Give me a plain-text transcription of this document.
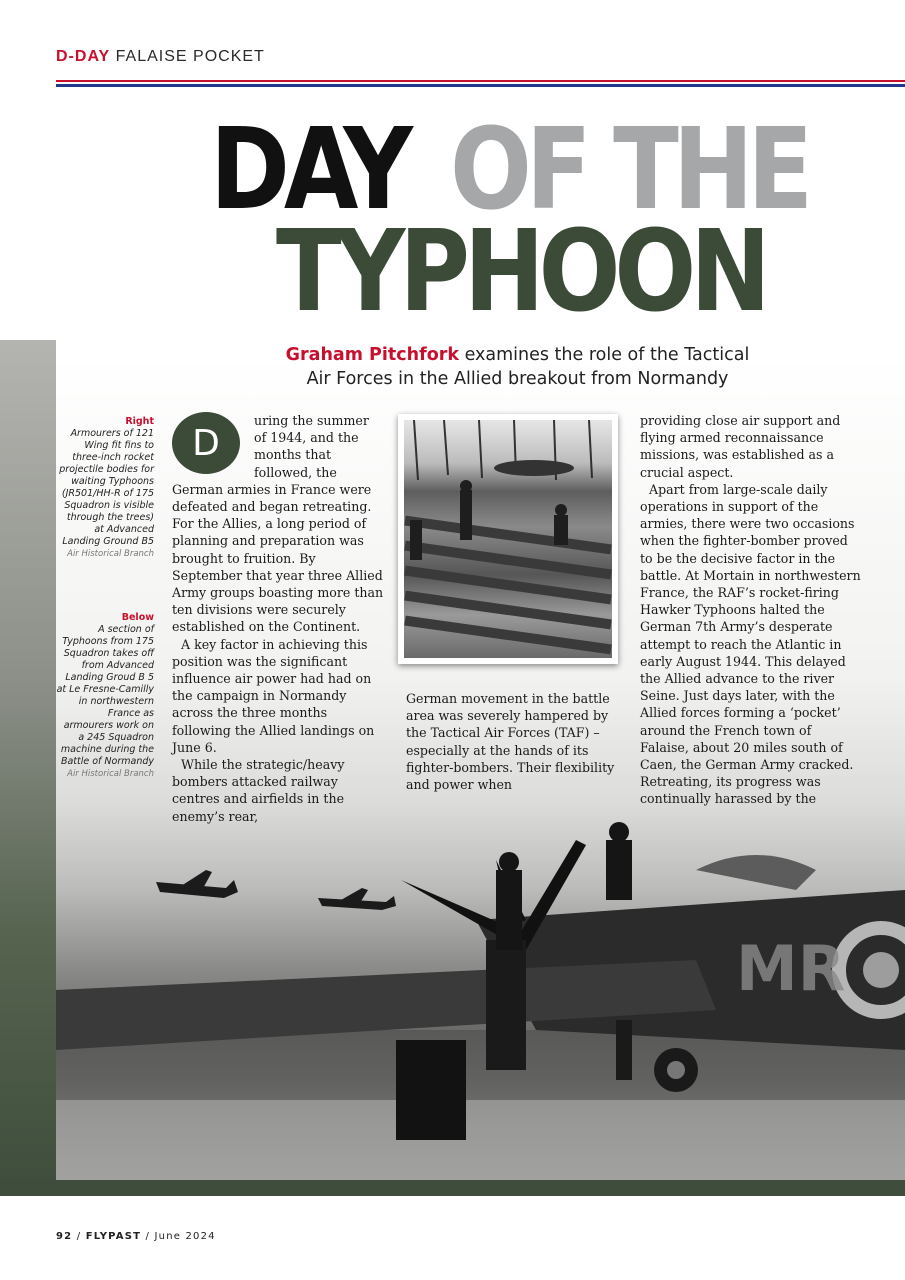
D-DAY FALAISE POCKET
DAY OF THE
TYPHOON
Graham Pitchfork examines the role of the Tactical
Air Forces in the Allied breakout from Normandy
Right
Armourers of 121 Wing fit fins to three-inch rocket projectile bodies for waiting Typhoons (JR501/HH-R of 175 Squadron is visible through the trees) at Advanced Landing Ground B5
Air Historical Branch
Below
A section of Typhoons from 175 Squadron takes off from Advanced Landing Groud B 5 at Le Fresne-Camilly in northwestern France as armourers work on a 245 Squadron machine during the Battle of Normandy
Air Historical Branch
MR
D

uring the summer of 1944, and the months that followed, the German armies in France were defeated and began retreating. For the Allies, a long period of planning and preparation was brought to fruition. By September that year three Allied Army groups boasting more than ten divisions were securely established on the Continent.

A key factor in achieving this position was the significant influence air power had had on the campaign in Normandy across the three months following the Allied landings on June 6.

While the strategic/heavy bombers attacked railway centres and airfields in the enemy’s rear,

German movement in the battle area was severely hampered by the Tactical Air Forces (TAF) – especially at the hands of its fighter-bombers. Their flexibility and power when

providing close air support and flying armed reconnaissance missions, was established as a crucial aspect.

Apart from large-scale daily operations in support of the armies, there were two occasions when the fighter-bomber proved to be the decisive factor in the battle. At Mortain in northwestern France, the RAF’s rocket-firing Hawker Typhoons halted the German 7th Army’s desperate attempt to reach the Atlantic in early August 1944. This delayed the Allied advance to the river Seine. Just days later, with the Allied forces forming a ‘pocket’ around the French town of Falaise, about 20 miles south of Caen, the German Army cracked. Retreating, its progress was continually harassed by the

92 / FLYPAST / June 2024
